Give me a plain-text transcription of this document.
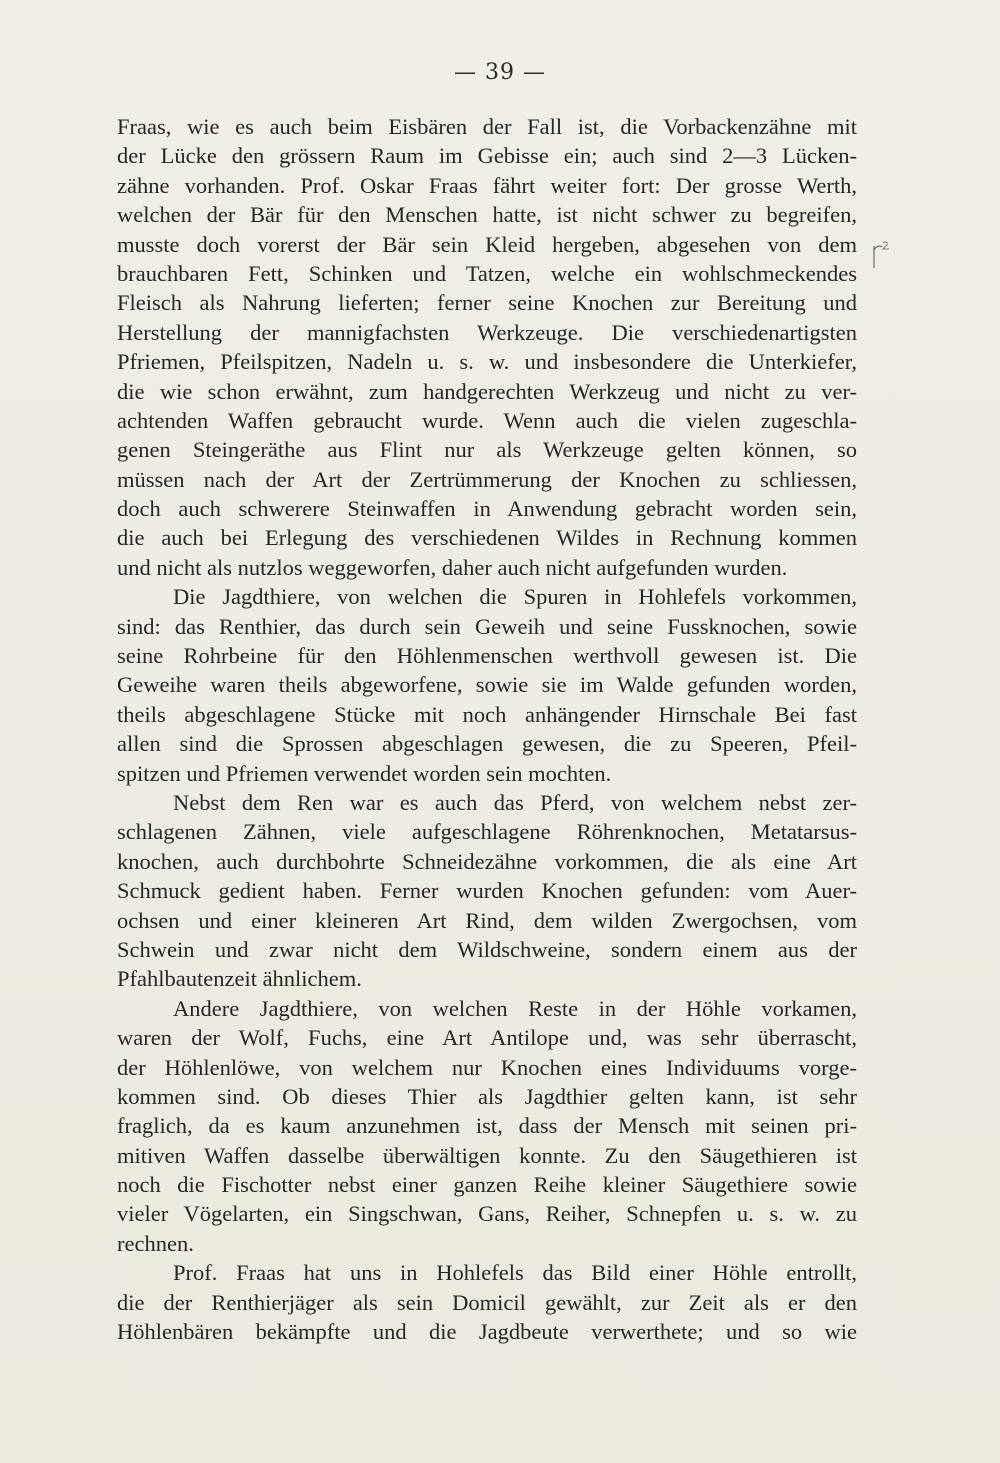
— 39 —
Fraas, wie es auch beim Eisbären der Fall ist, die Vorbackenzähne mit
der Lücke den grössern Raum im Gebisse ein; auch sind 2—3 Lücken-
zähne vorhanden. Prof. Oskar Fraas fährt weiter fort: Der grosse Werth,
welchen der Bär für den Menschen hatte, ist nicht schwer zu begreifen,
musste doch vorerst der Bär sein Kleid hergeben, abgesehen von dem
brauchbaren Fett, Schinken und Tatzen, welche ein wohlschmeckendes
Fleisch als Nahrung lieferten; ferner seine Knochen zur Bereitung und
Herstellung der mannigfachsten Werkzeuge. Die verschiedenartigsten
Pfriemen, Pfeilspitzen, Nadeln u. s. w. und insbesondere die Unterkiefer,
die wie schon erwähnt, zum handgerechten Werkzeug und nicht zu ver-
achtenden Waffen gebraucht wurde. Wenn auch die vielen zugeschla-
genen Steingeräthe aus Flint nur als Werkzeuge gelten können, so
müssen nach der Art der Zertrümmerung der Knochen zu schliessen,
doch auch schwerere Steinwaffen in Anwendung gebracht worden sein,
die auch bei Erlegung des verschiedenen Wildes in Rechnung kommen
und nicht als nutzlos weggeworfen, daher auch nicht aufgefunden wurden.
Die Jagdthiere, von welchen die Spuren in Hohlefels vorkommen,
sind: das Renthier, das durch sein Geweih und seine Fussknochen, sowie
seine Rohrbeine für den Höhlenmenschen werthvoll gewesen ist. Die
Geweihe waren theils abgeworfene, sowie sie im Walde gefunden worden,
theils abgeschlagene Stücke mit noch anhängender Hirnschale Bei fast
allen sind die Sprossen abgeschlagen gewesen, die zu Speeren, Pfeil-
spitzen und Pfriemen verwendet worden sein mochten.
Nebst dem Ren war es auch das Pferd, von welchem nebst zer-
schlagenen Zähnen, viele aufgeschlagene Röhrenknochen, Metatarsus-
knochen, auch durchbohrte Schneidezähne vorkommen, die als eine Art
Schmuck gedient haben. Ferner wurden Knochen gefunden: vom Auer-
ochsen und einer kleineren Art Rind, dem wilden Zwergochsen, vom
Schwein und zwar nicht dem Wildschweine, sondern einem aus der
Pfahlbautenzeit ähnlichem.
Andere Jagdthiere, von welchen Reste in der Höhle vorkamen,
waren der Wolf, Fuchs, eine Art Antilope und, was sehr überrascht,
der Höhlenlöwe, von welchem nur Knochen eines Individuums vorge-
kommen sind. Ob dieses Thier als Jagdthier gelten kann, ist sehr
fraglich, da es kaum anzunehmen ist, dass der Mensch mit seinen pri-
mitiven Waffen dasselbe überwältigen konnte. Zu den Säugethieren ist
noch die Fischotter nebst einer ganzen Reihe kleiner Säugethiere sowie
vieler Vögelarten, ein Singschwan, Gans, Reiher, Schnepfen u. s. w. zu
rechnen.
Prof. Fraas hat uns in Hohlefels das Bild einer Höhle entrollt,
die der Renthierjäger als sein Domicil gewählt, zur Zeit als er den
Höhlenbären bekämpfte und die Jagdbeute verwerthete; und so wie
